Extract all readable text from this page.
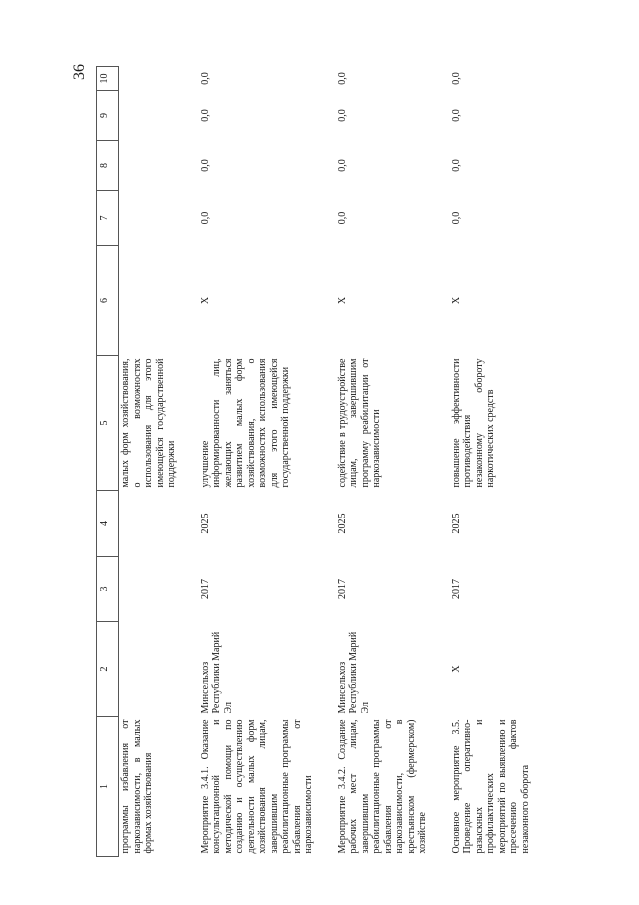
36
1	2	3	4	5	6	7	8	9	10
программы избавления от наркозависимости, в малых формах хозяйствования				малых форм хозяйствования, о возможностях использования для этого имеющейся государственной поддержки					

Мероприятие 3.4.1. Оказание консультационной и методической помощи по созданию и осуществлению деятельности малых форм хозяйствования лицам, завершившим реабилитационные программы избавления от наркозависимости	Минсельхоз Республики Марий Эл	2017	2025	улучшение информированности лиц, желающих заняться развитием малых форм хозяйствования, о возможностях использования для этого имеющейся государственной поддержки	Х	0,0	0,0	0,0	0,0

Мероприятие 3.4.2. Создание рабочих мест лицам, завершившим реабилитационные программы избавления от наркозависимости, в крестьянском (фермерском) хозяйстве	Минсельхоз Республики Марий Эл	2017	2025	содействие в трудоустройстве лицам, завершившим программу реабилитации от наркозависимости	Х	0,0	0,0	0,0	0,0

Основное мероприятие 3.5. Проведение оперативно-разыскных и профилактических мероприятий по выявлению и пресечению фактов незаконного оборота	Х	2017	2025	повышение эффективности противодействия незаконному обороту наркотических средств	Х	0,0	0,0	0,0	0,0
